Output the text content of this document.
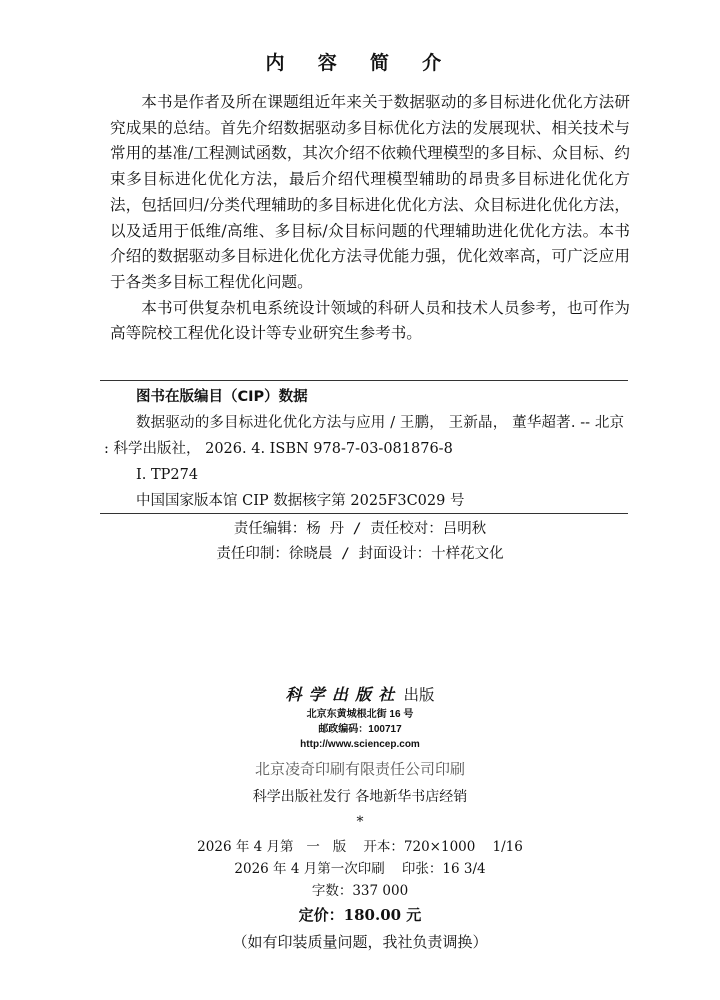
内 容 简 介

本书是作者及所在课题组近年来关于数据驱动的多目标进化优化方法研究成果的总结。首先介绍数据驱动多目标优化方法的发展现状、相关技术与常用的基准/工程测试函数，其次介绍不依赖代理模型的多目标、众目标、约束多目标进化优化方法，最后介绍代理模型辅助的昂贵多目标进化优化方法，包括回归/分类代理辅助的多目标进化优化方法、众目标进化优化方法，以及适用于低维/高维、多目标/众目标问题的代理辅助进化优化方法。本书介绍的数据驱动多目标进化优化方法寻优能力强，优化效率高，可广泛应用于各类多目标工程优化问题。

本书可供复杂机电系统设计领域的科研人员和技术人员参考，也可作为高等院校工程优化设计等专业研究生参考书。

图书在版编目（CIP）数据

数据驱动的多目标进化优化方法与应用 / 王鹏， 王新晶， 董华超著. -- 北京 : 科学出版社， 2026. 4. ISBN 978-7-03-081876-8

Ⅰ. TP274
中国国家版本馆 CIP 数据核字第 2025F3C029 号
责任编辑：杨 丹 / 责任校对：吕明秋
责任印制：徐晓晨 / 封面设计：十样花文化
科学出版社 出版
北京东黄城根北街 16 号
邮政编码：100717
http://www.sciencep.com
北京凌奇印刷有限责任公司印刷
科学出版社发行 各地新华书店经销
*
2026 年 4 月第   一   版    开本：720×1000    1/16
2026 年 4 月第一次印刷    印张：16 3/4
字数：337 000
定价：180.00 元
（如有印装质量问题，我社负责调换）
